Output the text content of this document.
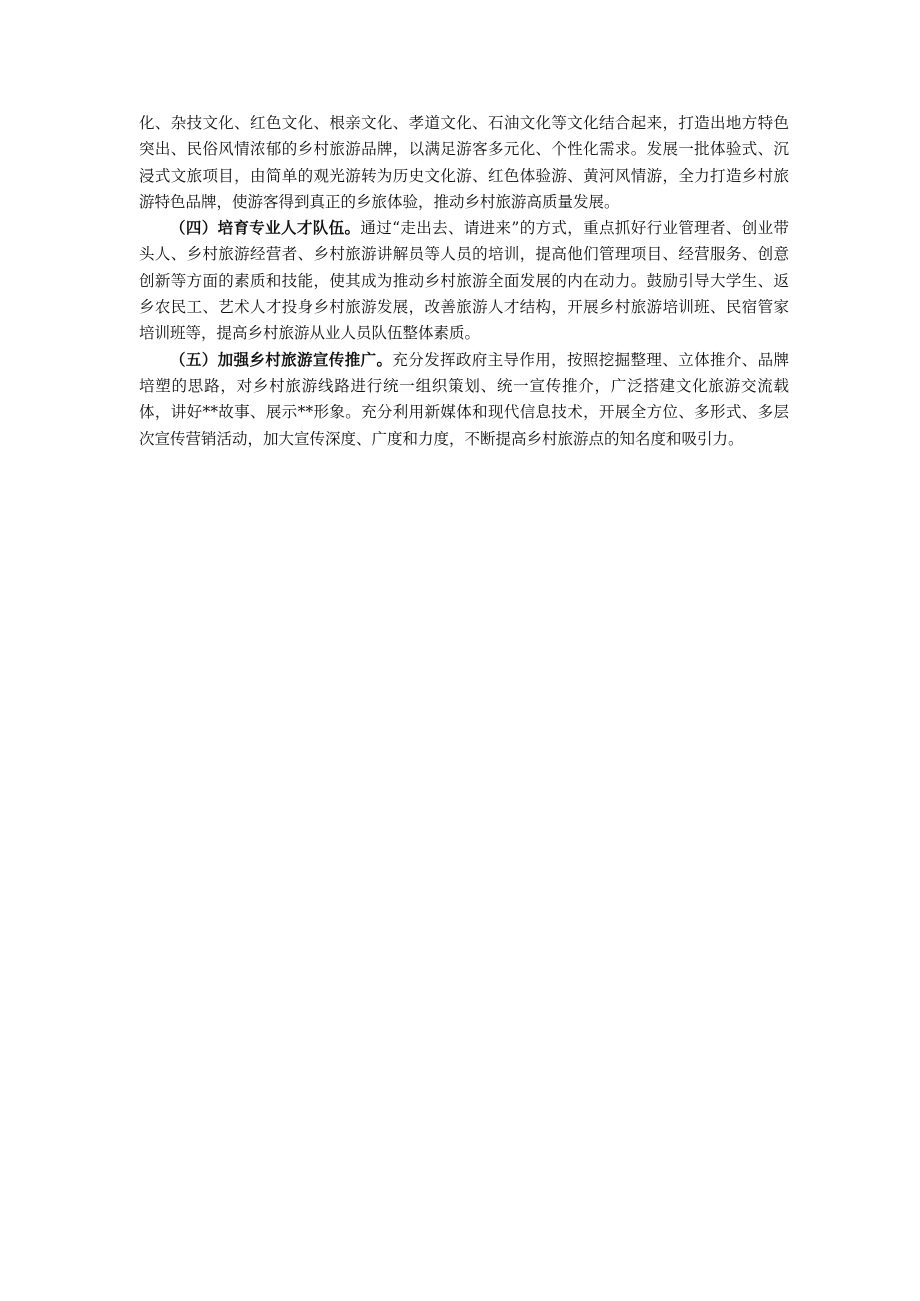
化、杂技文化、红色文化、根亲文化、孝道文化、石油文化等文化结合起来，打造出地方特色突出、民俗风情浓郁的乡村旅游品牌，以满足游客多元化、个性化需求。发展一批体验式、沉浸式文旅项目，由简单的观光游转为历史文化游、红色体验游、黄河风情游，全力打造乡村旅游特色品牌，使游客得到真正的乡旅体验，推动乡村旅游高质量发展。

（四）培育专业人才队伍。通过“走出去、请进来”的方式，重点抓好行业管理者、创业带头人、乡村旅游经营者、乡村旅游讲解员等人员的培训，提高他们管理项目、经营服务、创意创新等方面的素质和技能，使其成为推动乡村旅游全面发展的内在动力。鼓励引导大学生、返乡农民工、艺术人才投身乡村旅游发展，改善旅游人才结构，开展乡村旅游培训班、民宿管家培训班等，提高乡村旅游从业人员队伍整体素质。

（五）加强乡村旅游宣传推广。充分发挥政府主导作用，按照挖掘整理、立体推介、品牌培塑的思路，对乡村旅游线路进行统一组织策划、统一宣传推介，广泛搭建文化旅游交流载体，讲好**故事、展示**形象。充分利用新媒体和现代信息技术，开展全方位、多形式、多层次宣传营销活动，加大宣传深度、广度和力度，不断提高乡村旅游点的知名度和吸引力。
